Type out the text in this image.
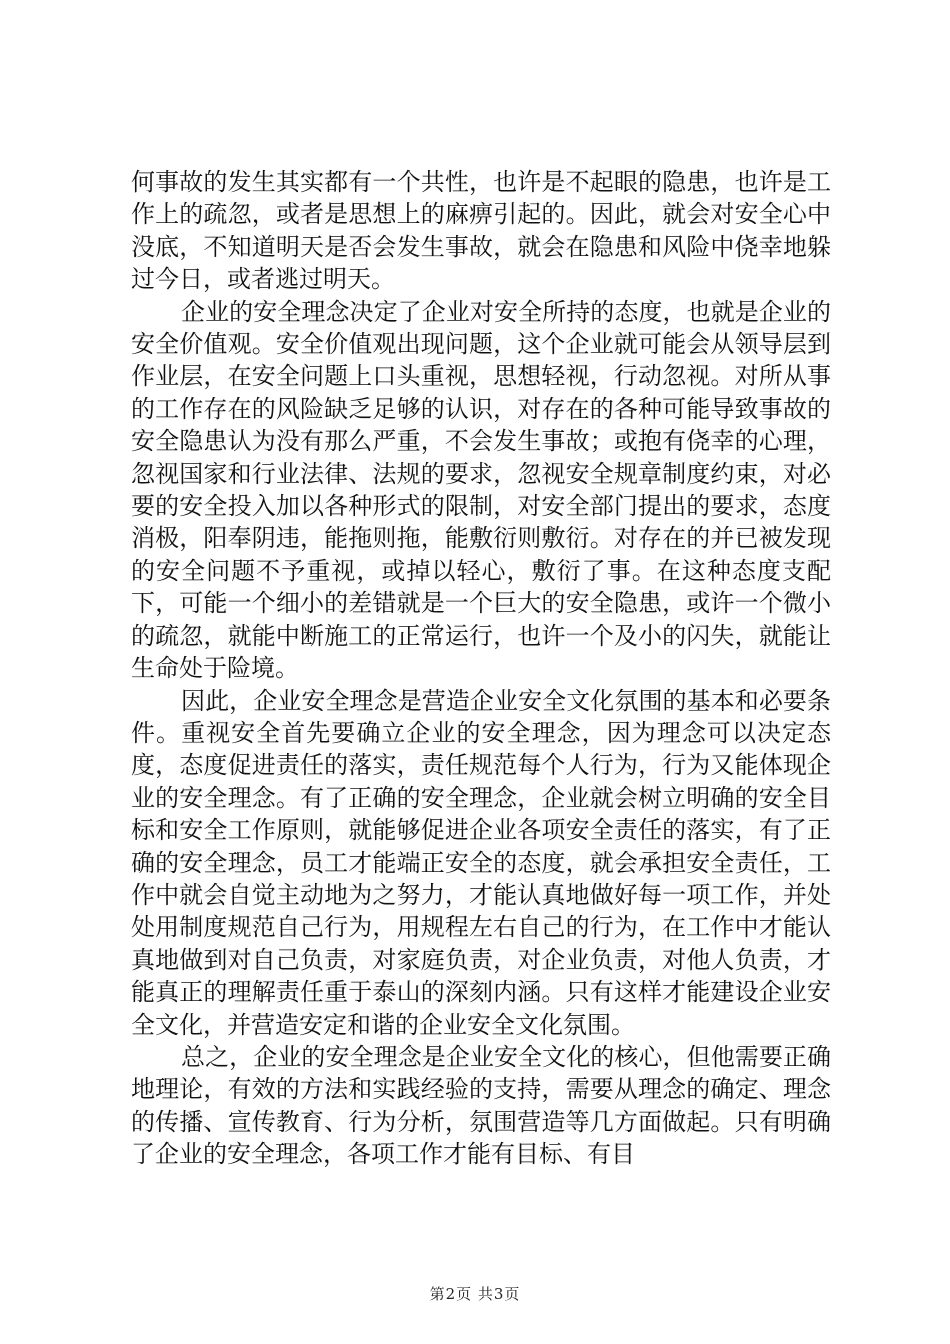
何事故的发生其实都有一个共性，也许是不起眼的隐患，也许是工作上的疏忽，或者是思想上的麻痹引起的。因此，就会对安全心中没底，不知道明天是否会发生事故，就会在隐患和风险中侥幸地躲过今日，或者逃过明天。

企业的安全理念决定了企业对安全所持的态度，也就是企业的安全价值观。安全价值观出现问题，这个企业就可能会从领导层到作业层，在安全问题上口头重视，思想轻视，行动忽视。对所从事的工作存在的风险缺乏足够的认识，对存在的各种可能导致事故的安全隐患认为没有那么严重，不会发生事故；或抱有侥幸的心理，忽视国家和行业法律、法规的要求，忽视安全规章制度约束，对必要的安全投入加以各种形式的限制，对安全部门提出的要求，态度消极，阳奉阴违，能拖则拖，能敷衍则敷衍。对存在的并已被发现的安全问题不予重视，或掉以轻心，敷衍了事。在这种态度支配下，可能一个细小的差错就是一个巨大的安全隐患，或许一个微小的疏忽，就能中断施工的正常运行，也许一个及小的闪失，就能让生命处于险境。

因此，企业安全理念是营造企业安全文化氛围的基本和必要条件。重视安全首先要确立企业的安全理念，因为理念可以决定态度，态度促进责任的落实，责任规范每个人行为，行为又能体现企业的安全理念。有了正确的安全理念，企业就会树立明确的安全目标和安全工作原则，就能够促进企业各项安全责任的落实，有了正确的安全理念，员工才能端正安全的态度，就会承担安全责任，工作中就会自觉主动地为之努力，才能认真地做好每一项工作，并处处用制度规范自己行为，用规程左右自己的行为，在工作中才能认真地做到对自己负责，对家庭负责，对企业负责，对他人负责，才能真正的理解责任重于泰山的深刻内涵。只有这样才能建设企业安全文化，并营造安定和谐的企业安全文化氛围。

总之，企业的安全理念是企业安全文化的核心，但他需要正确地理论，有效的方法和实践经验的支持，需要从理念的确定、理念的传播、宣传教育、行为分析，氛围营造等几方面做起。只有明确了企业的安全理念，各项工作才能有目标、有目

第2页 共3页
